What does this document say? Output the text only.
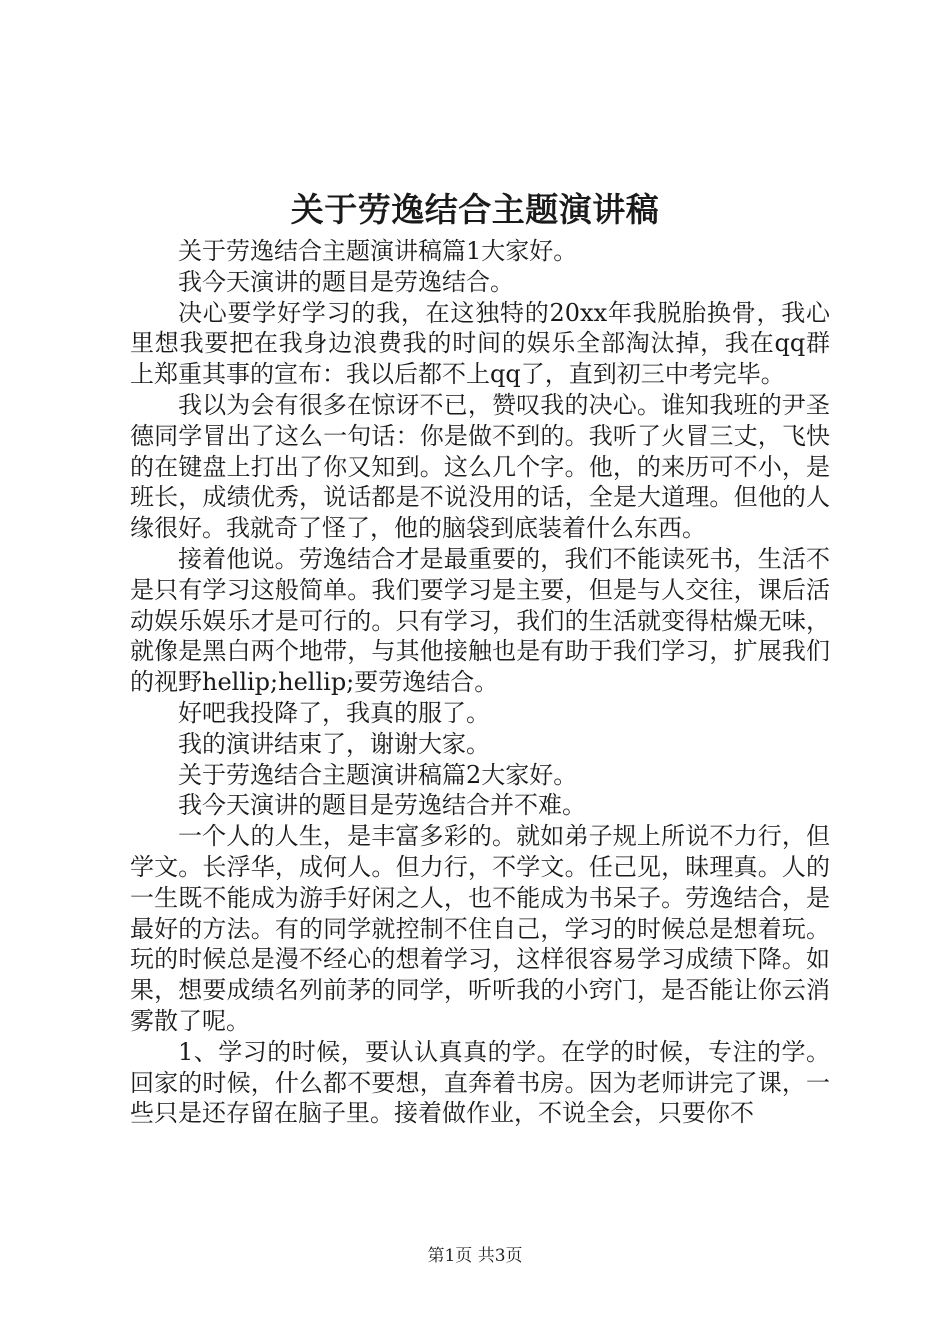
关于劳逸结合主题演讲稿

关于劳逸结合主题演讲稿篇1大家好。

我今天演讲的题目是劳逸结合。

决心要学好学习的我，在这独特的20xx年我脱胎换骨，我心里想我要把在我身边浪费我的时间的娱乐全部淘汰掉，我在qq群上郑重其事的宣布：我以后都不上qq了，直到初三中考完毕。

我以为会有很多在惊讶不已，赞叹我的决心。谁知我班的尹圣德同学冒出了这么一句话：你是做不到的。我听了火冒三丈，飞快的在键盘上打出了你又知到。这么几个字。他，的来历可不小，是班长，成绩优秀，说话都是不说没用的话，全是大道理。但他的人缘很好。我就奇了怪了，他的脑袋到底装着什么东西。

接着他说。劳逸结合才是最重要的，我们不能读死书，生活不是只有学习这般简单。我们要学习是主要，但是与人交往，课后活动娱乐娱乐才是可行的。只有学习，我们的生活就变得枯燥无味，就像是黑白两个地带，与其他接触也是有助于我们学习，扩展我们的视野hellip;hellip;要劳逸结合。

好吧我投降了，我真的服了。

我的演讲结束了，谢谢大家。

关于劳逸结合主题演讲稿篇2大家好。

我今天演讲的题目是劳逸结合并不难。

一个人的人生，是丰富多彩的。就如弟子规上所说不力行，但学文。长浮华，成何人。但力行，不学文。任己见，昧理真。人的一生既不能成为游手好闲之人，也不能成为书呆子。劳逸结合，是最好的方法。有的同学就控制不住自己，学习的时候总是想着玩。玩的时候总是漫不经心的想着学习，这样很容易学习成绩下降。如果，想要成绩名列前茅的同学，听听我的小窍门，是否能让你云消雾散了呢。

1、学习的时候，要认认真真的学。在学的时候，专注的学。回家的时候，什么都不要想，直奔着书房。因为老师讲完了课，一些只是还存留在脑子里。接着做作业，不说全会，只要你不

第1页 共3页
